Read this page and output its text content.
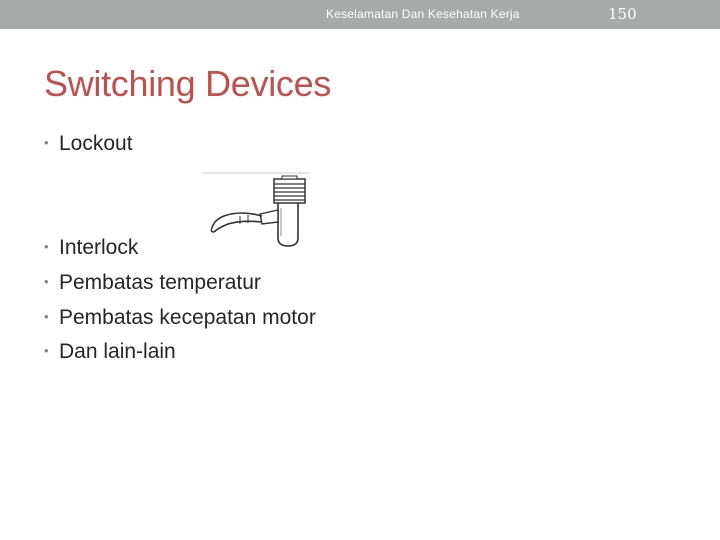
Keselamatan Dan Kesehatan Kerja	150
Switching Devices
• Lockout
• Interlock
• Pembatas temperatur
• Pembatas kecepatan motor
• Dan lain-lain
